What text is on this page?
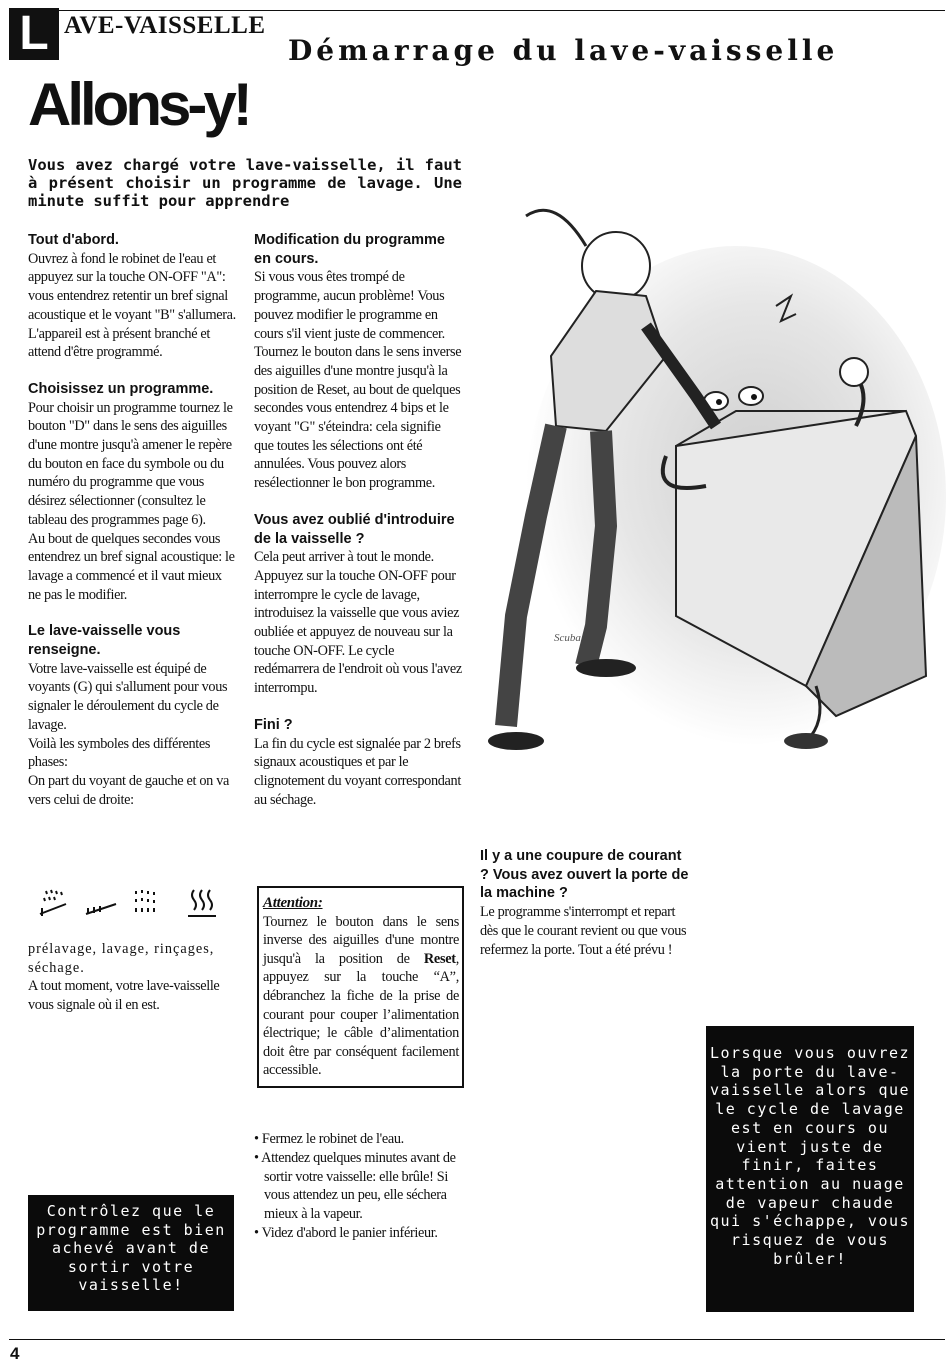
L AVE-VAISSELLE
Démarrage du lave-vaisselle
Allons-y!
Vous avez chargé votre lave-vaisselle, il faut à présent choisir un programme de lavage. Une minute suffit pour apprendre
Tout d'abord.

Ouvrez à fond le robinet de l'eau et appuyez sur la touche ON-OFF "A": vous entendrez retentir un bref signal acoustique et le voyant "B" s'allumera. L'appareil est à présent branché et attend d'être programmé.

Choisissez un programme.

Pour choisir un programme tournez le bouton "D" dans le sens des aiguilles d'une montre jusqu'à amener le repère du bouton en face du symbole ou du numéro du programme que vous désirez sélectionner (consultez le tableau des programmes page 6).

Au bout de quelques secondes vous entendrez un bref signal acoustique: le lavage a commencé et il vaut mieux ne pas le modifier.

Le lave-vaisselle vous renseigne.

Votre lave-vaisselle est équipé de voyants (G) qui s'allument pour vous signaler le déroulement du cycle de lavage.

Voilà les symboles des différentes phases:

On part du voyant de gauche et on va vers celui de droite:

prélavage, lavage, rinçages, séchage.

A tout moment, votre lave-vaisselle vous signale où il en est.

Modification du programme en cours.

Si vous vous êtes trompé de programme, aucun problème! Vous pouvez modifier le programme en cours s'il vient juste de commencer. Tournez le bouton dans le sens inverse des aiguilles d'une montre jusqu'à la position de Reset, au bout de quelques secondes vous entendrez 4 bips et le voyant "G" s'éteindra: cela signifie que toutes les sélections ont été annulées. Vous pouvez alors resélectionner le bon programme.

Vous avez oublié d'introduire de la vaisselle ?

Cela peut arriver à tout le monde. Appuyez sur la touche ON-OFF pour interrompre le cycle de lavage, introduisez la vaisselle que vous aviez oubliée et appuyez de nouveau sur la touche ON-OFF. Le cycle redémarrera de l'endroit où vous l'avez interrompu.

Fini ?

La fin du cycle est signalée par 2 brefs signaux acoustiques et par le clignotement du voyant correspondant au séchage.

Attention:
Tournez le bouton dans le sens inverse des aiguilles d'une montre jusqu'à la position de Reset, appuyez sur la touche “A”, débranchez la fiche de la prise de courant pour couper l’alimentation électrique; le câble d’alimentation doit être par conséquent facilement accessible.
• Fermez le robinet de l'eau.
• Attendez quelques minutes avant de sortir votre vaisselle: elle brûle! Si vous attendez un peu, elle séchera mieux à la vapeur.
• Videz d'abord le panier inférieur.
Il y a une coupure de courant ? Vous avez ouvert la porte de la machine ?

Le programme s'interrompt et repart dès que le courant revient ou que vous refermez la porte. Tout a été prévu !

Scuba
Contrôlez que le programme est bien achevé avant de sortir votre vaisselle!
Lorsque vous ouvrez la porte du lave-vaisselle alors que le cycle de lavage est en cours ou vient juste de finir, faites attention au nuage de vapeur chaude qui s'échappe, vous risquez de vous brûler!
4
